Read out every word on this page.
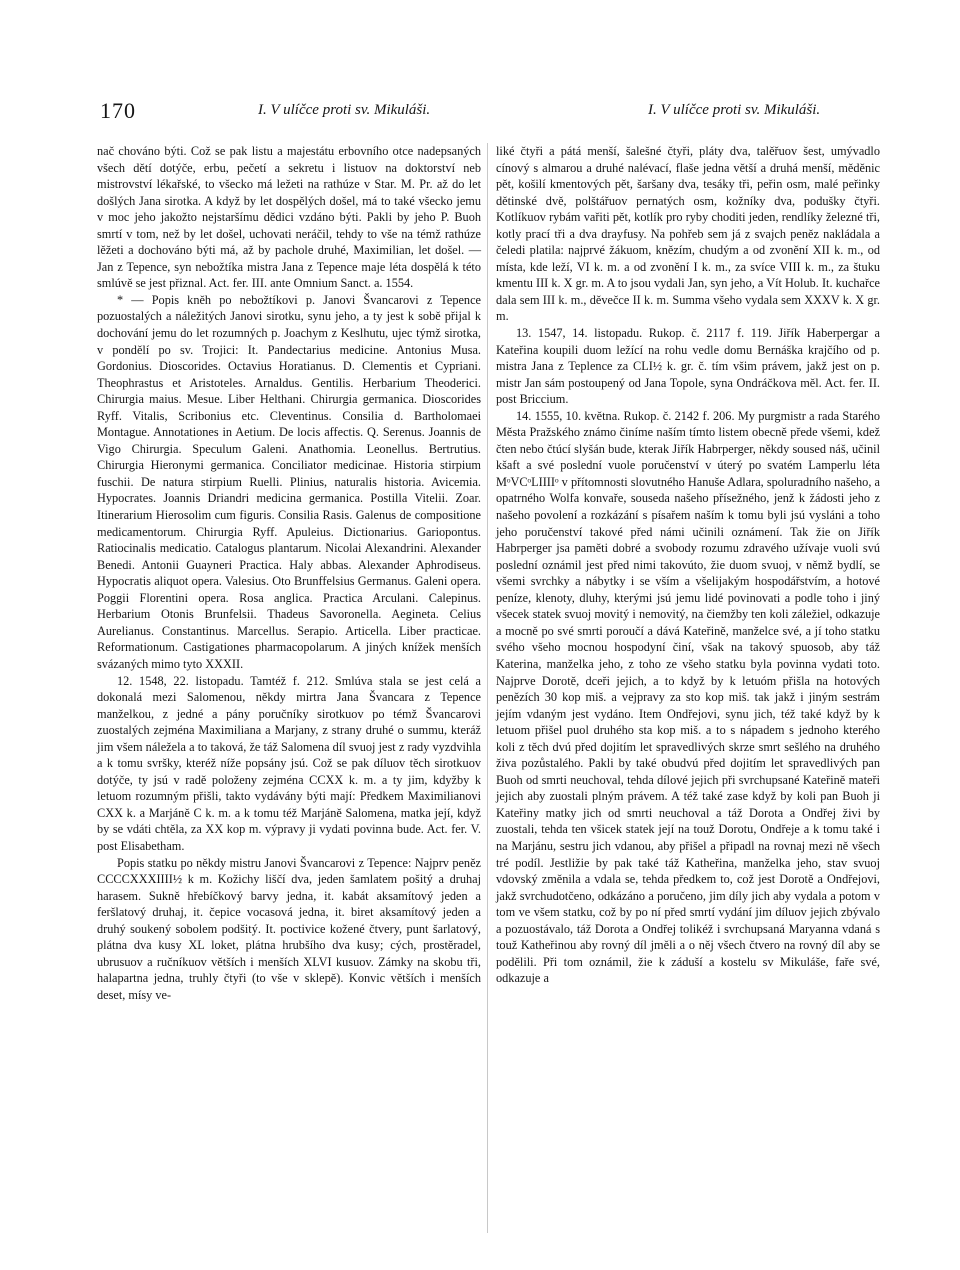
170	I. V ulíčce proti sv. Mikuláši.	I. V ulíčce proti sv. Mikuláši.

nač chováno býti. Což se pak listu a majestátu erbovního otce nadepsaných všech dětí dotýče, erbu, pečetí a sekretu i listuov na doktorství neb mistrovství lékařské, to všecko má ležeti na rathúze v Star. M. Pr. až do let došlých Jana sirotka. A když by let dospělých došel, má to také všecko jemu v moc jeho jakožto nejstaršímu dědici vzdáno býti. Pakli by jeho P. Buoh smrtí v tom, než by let došel, uchovati neráčil, tehdy to vše na témž rathúze lěžeti a dochováno býti má, až by pachole druhé, Maximilian, let došel. — Jan z Tepence, syn nebožtíka mistra Jana z Tepence maje léta dospělá k této smlúvě se jest přiznal. Act. fer. III. ante Omnium Sanct. a. 1554.

* — Popis kněh po nebožtíkovi p. Janovi Švancarovi z Tepence pozuostalých a náležitých Janovi sirotku, synu jeho, a ty jest k sobě přijal k dochování jemu do let rozumných p. Joachym z Keslhutu, ujec týmž sirotka, v pondělí po sv. Trojici: It. Pandectarius medicine. Antonius Musa. Gordonius. Dioscorides. Octavius Horatianus. D. Clementis et Cypriani. Theophrastus et Aristoteles. Arnaldus. Gentilis. Herbarium Theoderici. Chirurgia maius. Mesue. Liber Helthani. Chirurgia germanica. Dioscorides Ryff. Vitalis, Scribonius etc. Cleventinus. Consilia d. Bartholomaei Montague. Annotationes in Aetium. De locis affectis. Q. Serenus. Joannis de Vigo Chirurgia. Speculum Galeni. Anathomia. Leonellus. Bertrutius. Chirurgia Hieronymi germanica. Conciliator medicinae. Historia stirpium fuschii. De natura stirpium Ruelli. Plinius, naturalis historia. Avicemia. Hypocrates. Joannis Driandri medicina germanica. Postilla Vitelii. Zoar. Itinerarium Hierosolim cum figuris. Consilia Rasis. Galenus de compositione medicamentorum. Chirurgia Ryff. Apuleius. Dictionarius. Gariopontus. Ratiocinalis medicatio. Catalogus plantarum. Nicolai Alexandrini. Alexander Benedi. Antonii Guayneri Practica. Haly abbas. Alexander Aphrodiseus. Hypocratis aliquot opera. Valesius. Oto Brunffelsius Germanus. Galeni opera. Poggii Florentini opera. Rosa anglica. Practica Arculani. Calepinus. Herbarium Otonis Brunfelsii. Thadeus Savoronella. Aegineta. Celius Aurelianus. Constantinus. Marcellus. Serapio. Articella. Liber practicae. Reformationum. Castigationes pharmacopolarum. A jiných knížek menších svázaných mimo tyto XXXII.

12. 1548, 22. listopadu. Tamtéž f. 212. Smlúva stala se jest celá a dokonalá mezi Salomenou, někdy mirtra Jana Švancara z Tepence manželkou, z jedné a pány poručníky sirotkuov po témž Švancarovi zuostalých zejména Maximiliana a Marjany, z strany druhé o summu, kteráž jim všem náležela a to taková, že táž Salomena díl svuoj jest z rady vyzdvihla a k tomu svršky, kteréž níže popsány jsú. Což se pak díluov těch sirotkuov dotýče, ty jsú v radě položeny zejména CCXX k. m. a ty jim, kdyžby k letuom rozumným přišli, takto vydávány býti mají: Předkem Maximilianovi CXX k. a Marjáně C k. m. a k tomu též Marjáně Salomena, matka její, když by se vdáti chtěla, za XX kop m. výpravy ji vydati povinna bude. Act. fer. V. post Elisabetham.

Popis statku po někdy mistru Janovi Švancarovi z Tepence: Najprv peněz CCCCXXXIIII½ k m. Kožichy liščí dva, jeden šamlatem pošitý a druhaj harasem. Sukně hřebíčkový barvy jedna, it. kabát aksamítový jeden a feršlatový druhaj, it. čepice vocasová jedna, it. biret aksamítový jeden a druhý soukený sobolem podšitý. It. poctivice kožené čtvery, punt šarlatový, plátna dva kusy XL loket, plátna hrubšího dva kusy; cých, prostěradel, ubrusuov a ručníkuov větších i menších XLVI kusuov. Zámky na skobu tři, halapartna jedna, truhly čtyři (to vše v sklepě). Konvic větších i menších deset, mísy ve-

liké čtyři a pátá menší, šalešné čtyři, pláty dva, talěřuov šest, umývadlo cínový s almarou a druhé nalévací, flaše jedna větší a druhá menší, měděnic pět, košilí kmentových pět, šaršany dva, tesáky tři, peřin osm, malé peřinky dětinské dvě, polštářuov pernatých osm, kožníky dva, podušky čtyři. Kotlíkuov rybám vařiti pět, kotlík pro ryby choditi jeden, rendlíky železné tři, kotly prací tři a dva drayfusy. Na pohřeb sem já z svajch peněz nakládala a čeledi platila: najprvé žákuom, knězím, chudým a od zvonění XII k. m., od místa, kde leží, VI k. m. a od zvonění I k. m., za svíce VIII k. m., za štuku kmentu III k. X gr. m. A to jsou vydali Jan, syn jeho, a Vít Holub. It. kuchařce dala sem III k. m., děvečce II k. m. Summa všeho vydala sem XXXV k. X gr. m.

13. 1547, 14. listopadu. Rukop. č. 2117 f. 119. Jiřík Haberpergar a Kateřina koupili duom ležící na rohu vedle domu Bernáška krajčího od p. mistra Jana z Teplence za CLI½ k. gr. č. tím všim právem, jakž jest on p. mistr Jan sám postoupený od Jana Topole, syna Ondráčkova měl. Act. fer. II. post Briccium.

14. 1555, 10. května. Rukop. č. 2142 f. 206. My purgmistr a rada Starého Města Pražského známo činíme naším tímto listem obecně přede všemi, kdež čten nebo čtúcí slyšán bude, kterak Jiřík Habrperger, někdy soused náš, učinil kšaft a své poslední vuole poručenství v úterý po svatém Lamperlu léta MᵒVCᵒLIIIIᵒ v přítomnosti slovutného Hanuše Adlara, spoluradního našeho, a opatrného Wolfa konvaře, souseda našeho přísežného, jenž k žádosti jeho z našeho povolení a rozkázání s písařem naším k tomu byli jsú vysláni a toho jeho poručenství takové před námi učinili oznámení. Tak žie on Jiřík Habrperger jsa paměti dobré a svobody rozumu zdravého užívaje vuoli svú poslední oznámil jest před nimi takovúto, žie duom svuoj, v němž bydlí, se všemi svrchky a nábytky i se vším a všelijakým hospodářstvím, a hotové peníze, klenoty, dluhy, kterými jsú jemu lidé povinovati a podle toho i jiný všecek statek svuoj movitý i nemovitý, na čiemžby ten koli záležiel, odkazuje a mocně po své smrti poroučí a dává Kateřině, manželce své, a jí toho statku svého všeho mocnou hospodyní činí, však na takový spuosob, aby táž Katerina, manželka jeho, z toho ze všeho statku byla povinna vydati toto. Najprve Dorotě, dceři jejich, a to když by k letuóm přišla na hotových penězích 30 kop miš. a vejpravy za sto kop miš. tak jakž i jiným sestrám jejím vdaným jest vydáno. Item Ondřejovi, synu jich, též také když by k letuom přišel puol druhého sta kop miš. a to s nápadem s jednoho kterého koli z těch dvú před dojitím let spravedlivých skrze smrt sešlého na druhého živa pozůstalého. Pakli by také obudvú před dojitím let spravedlivých pan Buoh od smrti neuchoval, tehda dílové jejich při svrchupsané Kateřině mateři jejich aby zuostali plným právem. A též také zase když by koli pan Buoh ji Kateřiny matky jich od smrti neuchoval a táž Dorota a Ondřej živi by zuostali, tehda ten všicek statek její na touž Dorotu, Ondřeje a k tomu také i na Marjánu, sestru jich vdanou, aby přišel a připadl na rovnaj mezi ně všech tré podíl. Jestližie by pak také táž Katheřina, manželka jeho, stav svuoj vdovský změnila a vdala se, tehda předkem to, což jest Dorotě a Ondřejovi, jakž svrchudotčeno, odkázáno a poručeno, jim díly jich aby vydala a potom v tom ve všem statku, což by po ní před smrtí vydání jim díluov jejich zbývalo a pozuostávalo, táž Dorota a Ondřej tolikéž i svrchupsaná Maryanna vdaná s touž Katheřinou aby rovný díl jměli a o něj všech čtvero na rovný díl aby se podělili. Při tom oznámil, žie k záduší a kostelu sv Mikuláše, faře své, odkazuje a
